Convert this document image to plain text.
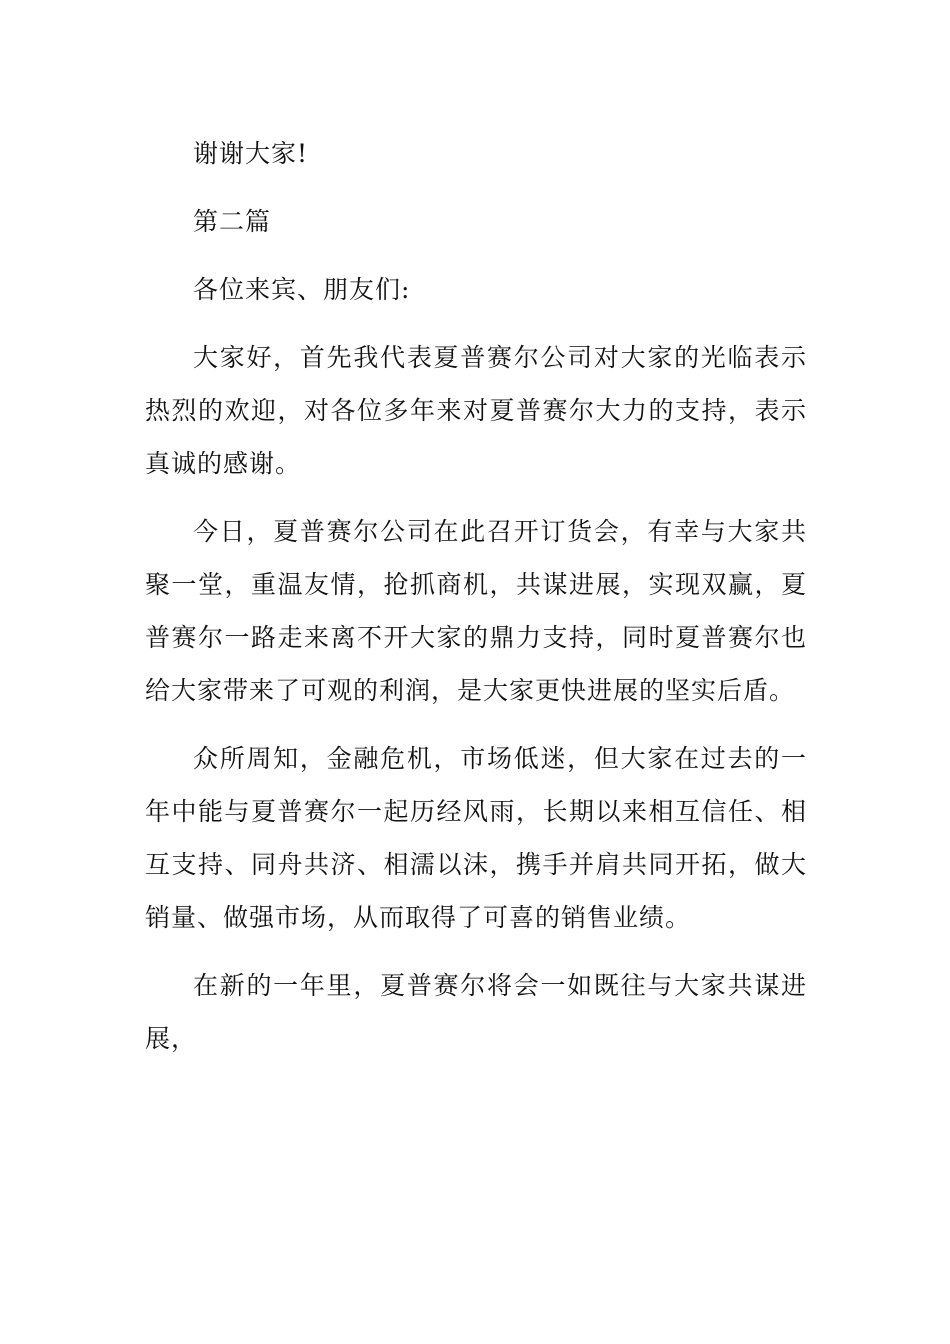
谢谢大家!

第二篇

各位来宾、朋友们:

大家好，首先我代表夏普赛尔公司对大家的光临表示热烈的欢迎，对各位多年来对夏普赛尔大力的支持，表示真诚的感谢。

今日，夏普赛尔公司在此召开订货会，有幸与大家共聚一堂，重温友情，抢抓商机，共谋进展，实现双赢，夏普赛尔一路走来离不开大家的鼎力支持，同时夏普赛尔也给大家带来了可观的利润，是大家更快进展的坚实后盾。

众所周知，金融危机，市场低迷，但大家在过去的一年中能与夏普赛尔一起历经风雨，长期以来相互信任、相互支持、同舟共济、相濡以沫，携手并肩共同开拓，做大销量、做强市场，从而取得了可喜的销售业绩。

在新的一年里，夏普赛尔将会一如既往与大家共谋进展，
